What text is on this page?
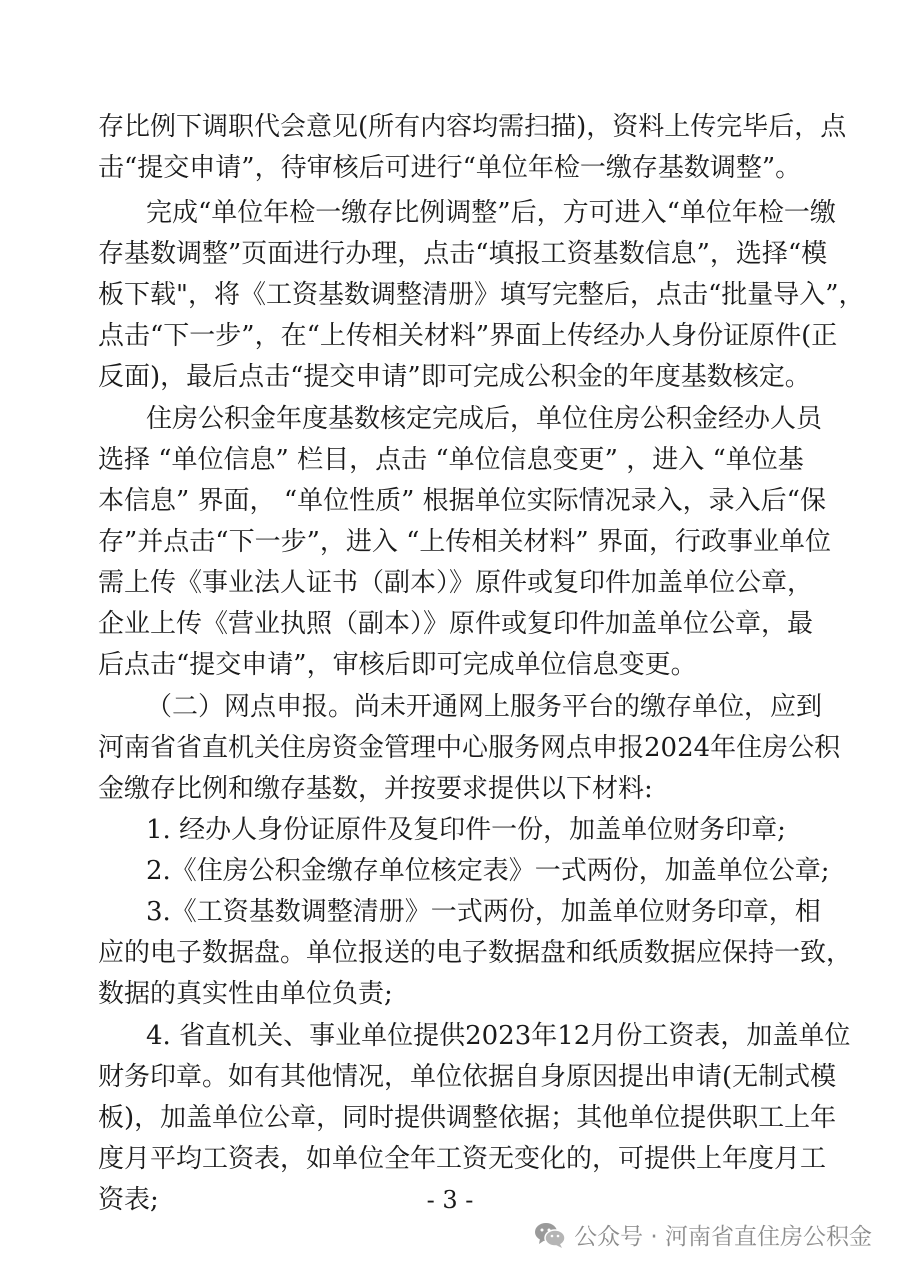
存比例下调职代会意见(所有内容均需扫描)，资料上传完毕后，点
击“提交申请”，待审核后可进行“单位年检一缴存基数调整”。
完成“单位年检一缴存比例调整”后，方可进入“单位年检一缴
存基数调整”页面进行办理，点击“填报工资基数信息”，选择“模
板下载"，将《工资基数调整清册》填写完整后，点击“批量导入”，
点击“下一步”，在“上传相关材料”界面上传经办人身份证原件(正
反面)，最后点击“提交申请”即可完成公积金的年度基数核定。
住房公积金年度基数核定完成后，单位住房公积金经办人员
选择 “单位信息” 栏目，点击 “单位信息变更” ，进入 “单位基
本信息” 界面， “单位性质” 根据单位实际情况录入，录入后“保
存”并点击“下一步”，进入 “上传相关材料” 界面，行政事业单位
需上传《事业法人证书（副本）》原件或复印件加盖单位公章，
企业上传《营业执照（副本）》原件或复印件加盖单位公章，最
后点击“提交申请”，审核后即可完成单位信息变更。
（二）网点申报。尚未开通网上服务平台的缴存单位，应到
河南省省直机关住房资金管理中心服务网点申报2024年住房公积
金缴存比例和缴存基数，并按要求提供以下材料:
1. 经办人身份证原件及复印件一份，加盖单位财务印章;
2.《住房公积金缴存单位核定表》一式两份，加盖单位公章;
3.《工资基数调整清册》一式两份，加盖单位财务印章，相
应的电子数据盘。单位报送的电子数据盘和纸质数据应保持一致，
数据的真实性由单位负责;
4. 省直机关、事业单位提供2023年12月份工资表，加盖单位
财务印章。如有其他情况，单位依据自身原因提出申请(无制式模
板)，加盖单位公章，同时提供调整依据；其他单位提供职工上年
度月平均工资表，如单位全年工资无变化的，可提供上年度月工
资表;	- 3 -
公众号 · 河南省直住房公积金
